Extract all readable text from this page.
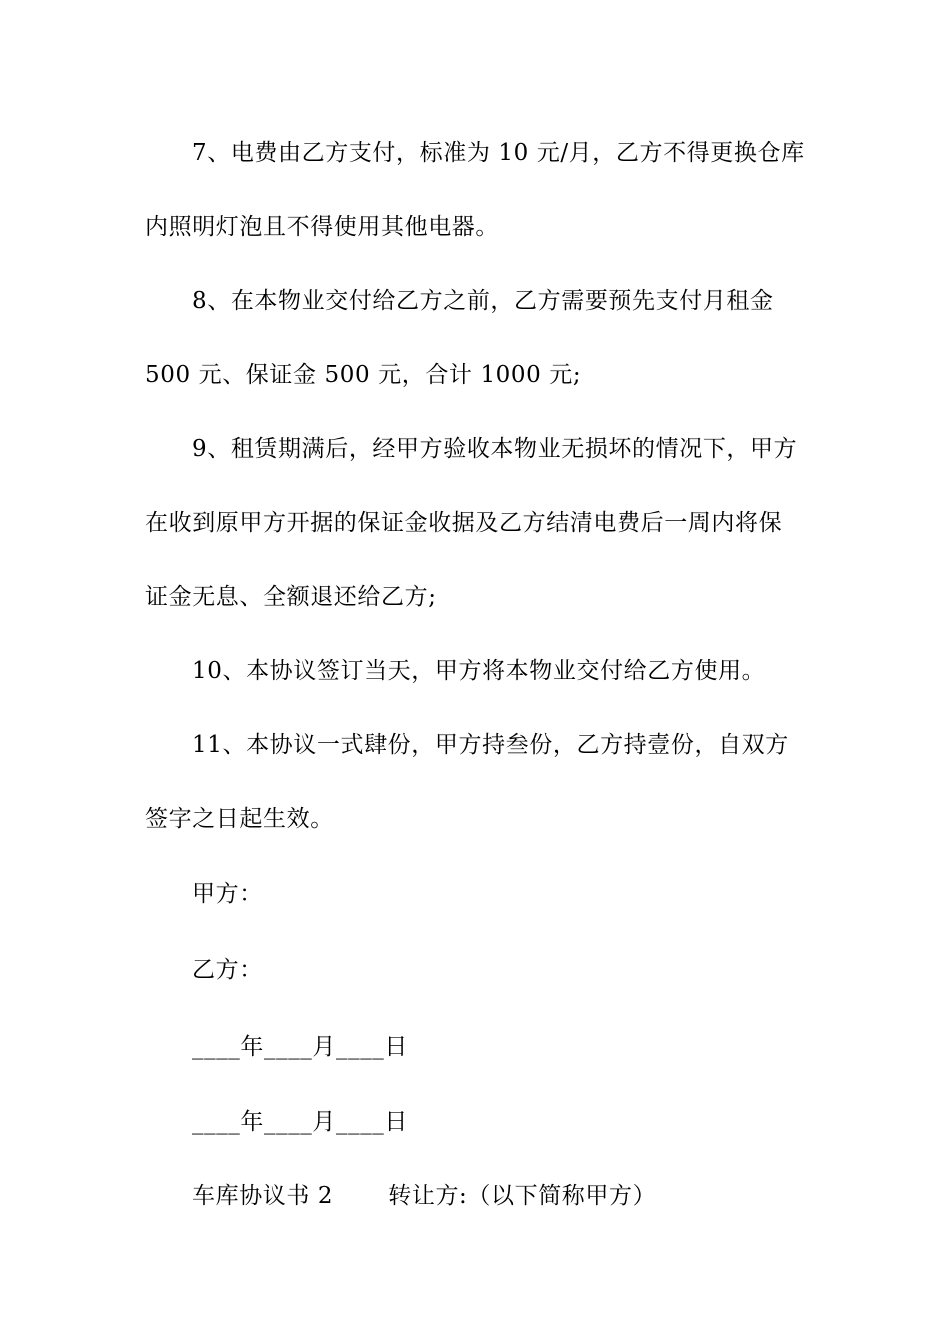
7、电费由乙方支付，标准为 10 元/月，乙方不得更换仓库
内照明灯泡且不得使用其他电器。
8、在本物业交付给乙方之前，乙方需要预先支付月租金
500 元、保证金 500 元，合计 1000 元;
9、租赁期满后，经甲方验收本物业无损坏的情况下，甲方
在收到原甲方开据的保证金收据及乙方结清电费后一周内将保
证金无息、全额退还给乙方;
10、本协议签订当天，甲方将本物业交付给乙方使用。
11、本协议一式肆份，甲方持叁份，乙方持壹份，自双方
签字之日起生效。
甲方：
乙方：
____年____月____日
____年____月____日
车库协议书 2　　 转让方:（以下简称甲方）
